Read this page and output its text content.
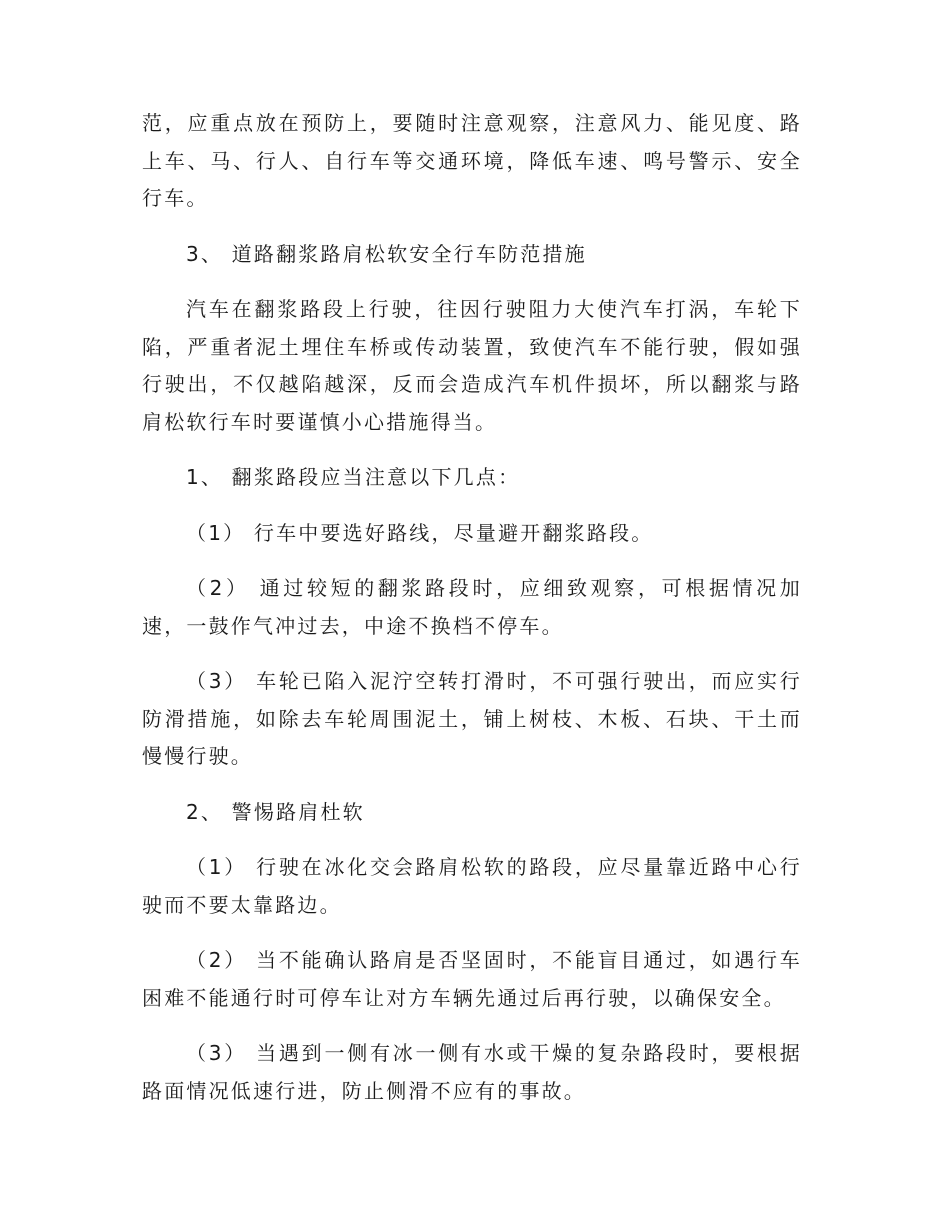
范，应重点放在预防上，要随时注意观察，注意风力、能见度、路上车、马、行人、自行车等交通环境，降低车速、鸣号警示、安全行车。

3、 道路翻浆路肩松软安全行车防范措施

汽车在翻浆路段上行驶，往因行驶阻力大使汽车打涡，车轮下陷，严重者泥土埋住车桥或传动装置，致使汽车不能行驶，假如强行驶出，不仅越陷越深，反而会造成汽车机件损坏，所以翻浆与路肩松软行车时要谨慎小心措施得当。

1、 翻浆路段应当注意以下几点：

（1） 行车中要选好路线，尽量避开翻浆路段。

（2） 通过较短的翻浆路段时，应细致观察，可根据情况加速，一鼓作气冲过去，中途不换档不停车。

（3） 车轮已陷入泥泞空转打滑时，不可强行驶出，而应实行防滑措施，如除去车轮周围泥土，铺上树枝、木板、石块、干土而慢慢行驶。

2、 警惕路肩杜软

（1） 行驶在冰化交会路肩松软的路段，应尽量靠近路中心行驶而不要太靠路边。

（2） 当不能确认路肩是否坚固时，不能盲目通过，如遇行车困难不能通行时可停车让对方车辆先通过后再行驶，以确保安全。

（3） 当遇到一侧有冰一侧有水或干燥的复杂路段时，要根据路面情况低速行进，防止侧滑不应有的事故。
